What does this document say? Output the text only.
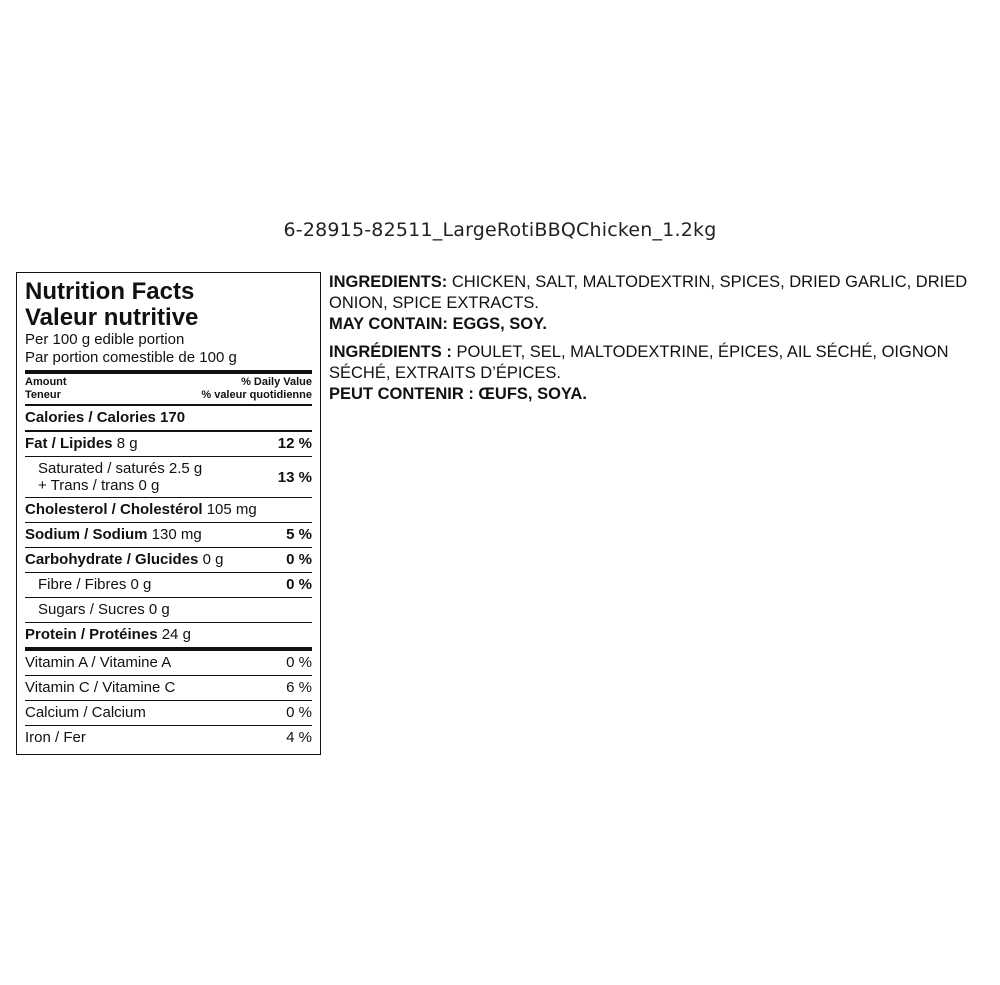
6-28915-82511_LargeRotiBBQChicken_1.2kg
Nutrition Facts
Valeur nutritive
Per 100 g edible portion
Par portion comestible de 100 g
Amount
Teneur
% Daily Value
% valeur quotidienne
Calories / Calories 170
Fat / Lipides 8 g	12 %
Saturated / saturés 2.5 g
+ Trans / trans 0 g	13 %
Cholesterol / Cholestérol 105 mg
Sodium / Sodium 130 mg	5 %
Carbohydrate / Glucides 0 g	0 %
Fibre / Fibres 0 g	0 %
Sugars / Sucres 0 g
Protein / Protéines 24 g
Vitamin A / Vitamine A	0 %
Vitamin C / Vitamine C	6 %
Calcium / Calcium	0 %
Iron / Fer	4 %

INGREDIENTS: CHICKEN, SALT, MALTODEXTRIN, SPICES, DRIED GARLIC, DRIED ONION, SPICE EXTRACTS.

MAY CONTAIN: EGGS, SOY.

INGRÉDIENTS : POULET, SEL, MALTODEXTRINE, ÉPICES, AIL SÉCHÉ, OIGNON SÉCHÉ, EXTRAITS D’ÉPICES.

PEUT CONTENIR : ŒUFS, SOYA.
